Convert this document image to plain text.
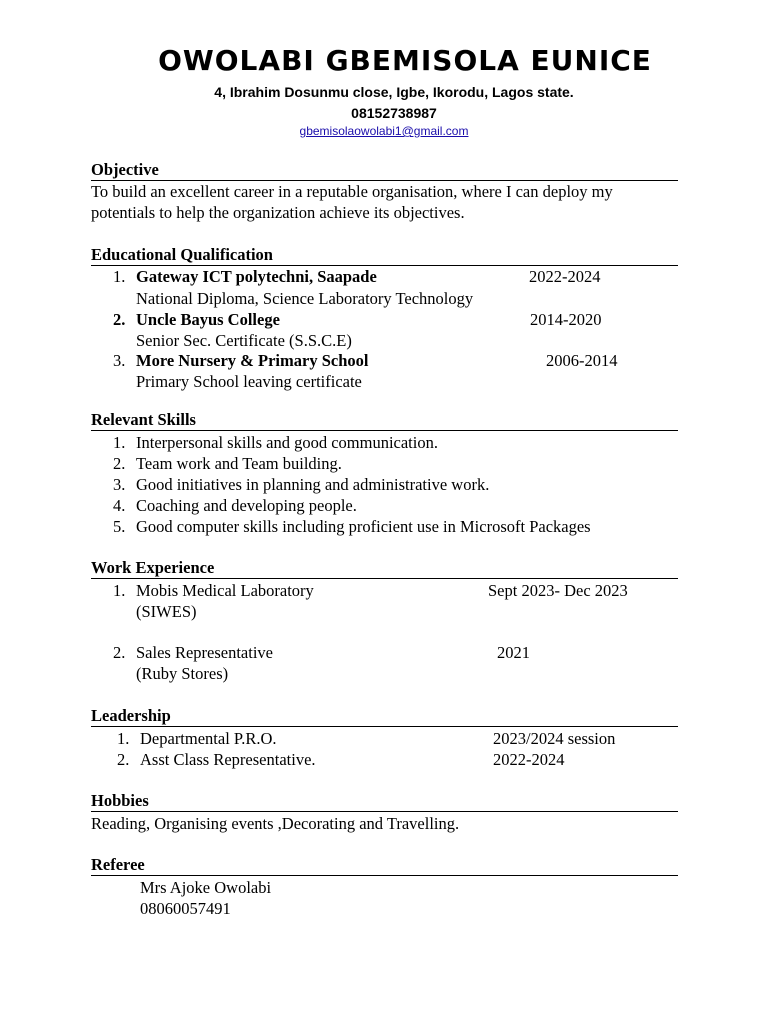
OWOLABI GBEMISOLA EUNICE
4, Ibrahim Dosunmu close, Igbe, Ikorodu, Lagos state.
08152738987
gbemisolaowolabi1@gmail.com
Objective
To build an excellent career in a reputable organisation, where I can deploy my
potentials to help the organization achieve its objectives.
Educational Qualification
1. Gateway ICT polytechni, Saapade	2022-2024
National Diploma, Science Laboratory Technology
2. Uncle Bayus College	2014-2020
Senior Sec. Certificate (S.S.C.E)
3. More Nursery & Primary School	2006-2014
Primary School leaving certificate
Relevant Skills
1. Interpersonal skills and good communication.
2. Team work and Team building.
3. Good initiatives in planning and administrative work.
4. Coaching and developing people.
5. Good computer skills including proficient use in Microsoft Packages
Work Experience
1. Mobis Medical Laboratory	Sept 2023- Dec 2023
(SIWES)
2. Sales Representative	2021
(Ruby Stores)
Leadership
1. Departmental P.R.O.	2023/2024 session
2. Asst Class Representative.	2022-2024
Hobbies
Reading, Organising events ,Decorating and Travelling.
Referee
Mrs Ajoke Owolabi
08060057491
